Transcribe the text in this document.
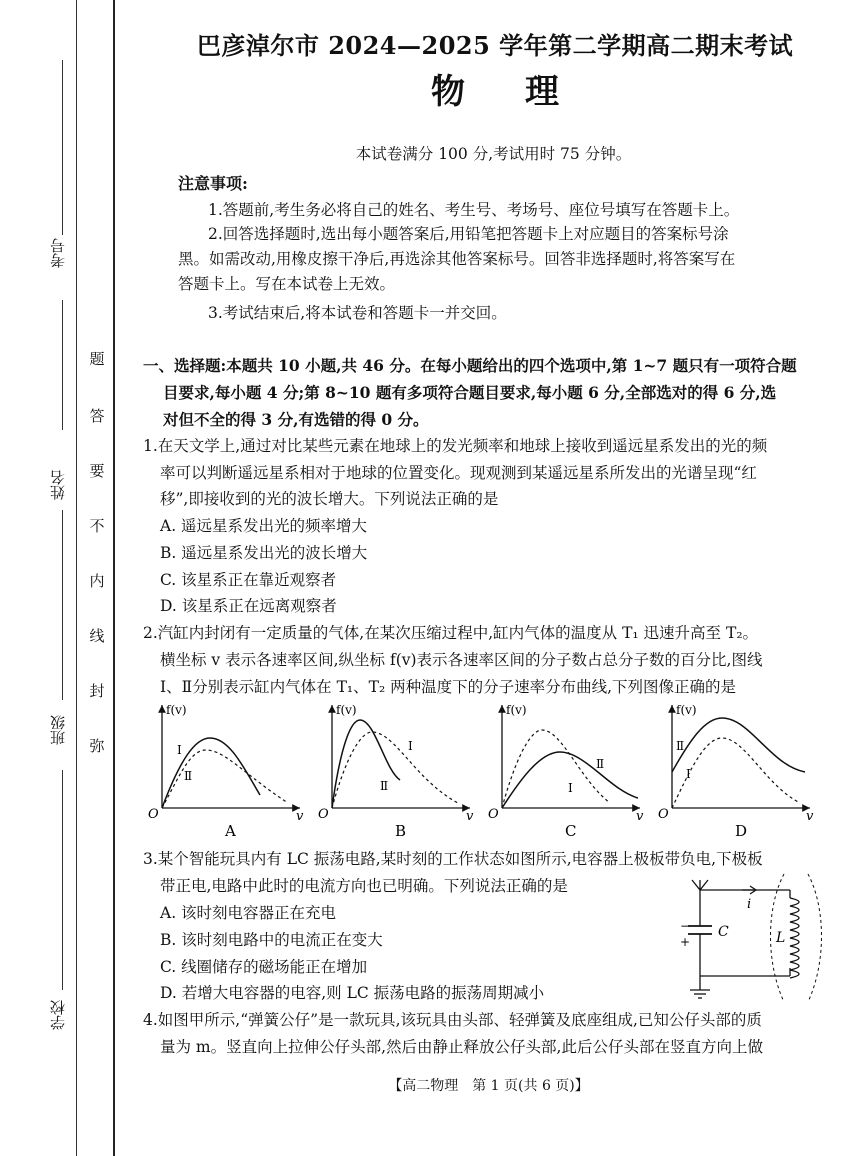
考号
姓名
班级
学校
题
答
要
不
内
线
封
弥
巴彦淖尔市 2024—2025 学年第二学期高二期末考试
物理
本试卷满分 100 分,考试用时 75 分钟。
注意事项:
1.答题前,考生务必将自己的姓名、考生号、考场号、座位号填写在答题卡上。
2.回答选择题时,选出每小题答案后,用铅笔把答题卡上对应题目的答案标号涂
黑。如需改动,用橡皮擦干净后,再选涂其他答案标号。回答非选择题时,将答案写在
答题卡上。写在本试卷上无效。
3.考试结束后,将本试卷和答题卡一并交回。
一、选择题:本题共 10 小题,共 46 分。在每小题给出的四个选项中,第 1~7 题只有一项符合题
目要求,每小题 4 分;第 8~10 题有多项符合题目要求,每小题 6 分,全部选对的得 6 分,选
对但不全的得 3 分,有选错的得 0 分。
1.在天文学上,通过对比某些元素在地球上的发光频率和地球上接收到遥远星系发出的光的频
率可以判断遥远星系相对于地球的位置变化。现观测到某遥远星系所发出的光谱呈现“红
移”,即接收到的光的波长增大。下列说法正确的是
A. 遥远星系发出光的频率增大
B. 遥远星系发出光的波长增大
C. 该星系正在靠近观察者
D. 该星系正在远离观察者
2.汽缸内封闭有一定质量的气体,在某次压缩过程中,缸内气体的温度从 T₁ 迅速升高至 T₂。
横坐标 v 表示各速率区间,纵坐标 f(v)表示各速率区间的分子数占总分子数的百分比,图线
Ⅰ、Ⅱ分别表示缸内气体在 T₁、T₂ 两种温度下的分子速率分布曲线,下列图像正确的是
f(v)
O	v
Ⅰ
Ⅱ
A
f(v)
O	v
Ⅰ
Ⅱ
B
f(v)
O	v
Ⅱ
Ⅰ
C
f(v)
O	v
Ⅱ
Ⅰ
D
3.某个智能玩具内有 LC 振荡电路,某时刻的工作状态如图所示,电容器上极板带负电,下极板
带正电,电路中此时的电流方向也已明确。下列说法正确的是
A. 该时刻电容器正在充电
B. 该时刻电路中的电流正在变大
C. 线圈储存的磁场能正在增加
D. 若增大电容器的电容,则 LC 振荡电路的振荡周期减小
i
−
+
C	L
4.如图甲所示,“弹簧公仔”是一款玩具,该玩具由头部、轻弹簧及底座组成,已知公仔头部的质
量为 m。竖直向上拉伸公仔头部,然后由静止释放公仔头部,此后公仔头部在竖直方向上做
【高二物理　第 1 页(共 6 页)】
